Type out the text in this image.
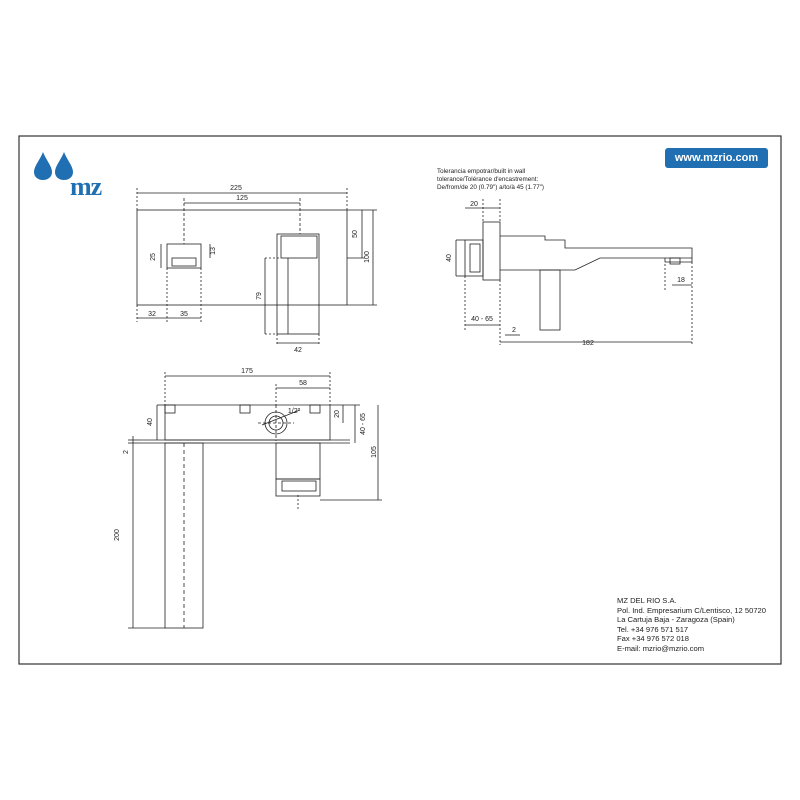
225
125
50
100
25
13
32	35
79
42
20
40
40 - 65
2
182
18
175
58
40
20	40 - 65
105
2
200
1/2"
mz
www.mzrio.com
Tolerancia empotrar/built in wall
tolerance/Tolérance d'encastrement:
De/from/de 20 (0.79") a/to/à 45 (1.77")
MZ DEL RIO S.A.
Pol. Ind. Empresarium C/Lentisco, 12 50720
La Cartuja Baja - Zaragoza (Spain)
Tel. +34 976 571 517
Fax +34 976 572 018
E-mail: mzrio@mzrio.com
